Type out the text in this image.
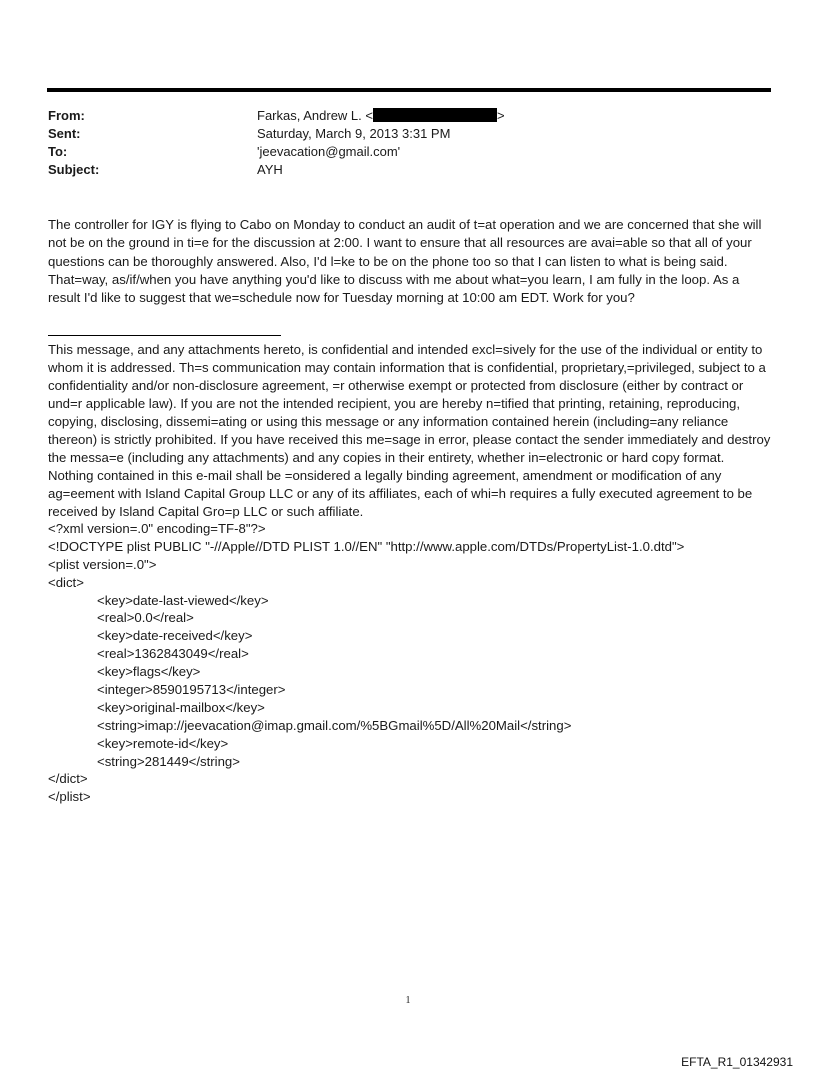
From:	Farkas, Andrew L. <	>
Sent:	Saturday, March 9, 2013 3:31 PM
To:	'jeevacation@gmail.com'
Subject:	AYH

The controller for IGY is flying to Cabo on Monday to conduct an audit of t=at operation and we are concerned that she will not be on the ground in ti=e for the discussion at 2:00. I want to ensure that all resources are avai=able so that all of your questions can be thoroughly answered. Also, I'd l=ke to be on the phone too so that I can listen to what is being said. That=way, as/if/when you have anything you'd like to discuss with me about what=you learn, I am fully in the loop. As a result I'd like to suggest that we=schedule now for Tuesday morning at 10:00 am EDT. Work for you?

This message, and any attachments hereto, is confidential and intended excl=sively for the use of the individual or entity to whom it is addressed. Th=s communication may contain information that is confidential, proprietary,=privileged, subject to a confidentiality and/or non-disclosure agreement, =r otherwise exempt or protected from disclosure (either by contract or und=r applicable law). If you are not the intended recipient, you are hereby n=tified that printing, retaining, reproducing, copying, disclosing, dissemi=ating or using this message or any information contained herein (including=any reliance thereon) is strictly prohibited. If you have received this me=sage in error, please contact the sender immediately and destroy the messa=e (including any attachments) and any copies in their entirety, whether in=electronic or hard copy format. Nothing contained in this e-mail shall be =onsidered a legally binding agreement, amendment or modification of any ag=eement with Island Capital Group LLC or any of its affiliates, each of whi=h requires a fully executed agreement to be received by Island Capital Gro=p LLC or such affiliate.

<?xml version=.0" encoding=TF-8"?>
<!DOCTYPE plist PUBLIC "-//Apple//DTD PLIST 1.0//EN" "http://www.apple.com/DTDs/PropertyList-1.0.dtd">
<plist version=.0">
<dict>
<key>date-last-viewed</key>
<real>0.0</real>
<key>date-received</key>
<real>1362843049</real>
<key>flags</key>
<integer>8590195713</integer>
<key>original-mailbox</key>
<string>imap://jeevacation@imap.gmail.com/%5BGmail%5D/All%20Mail</string>
<key>remote-id</key>
<string>281449</string>
</dict>
</plist>
1
EFTA_R1_01342931
